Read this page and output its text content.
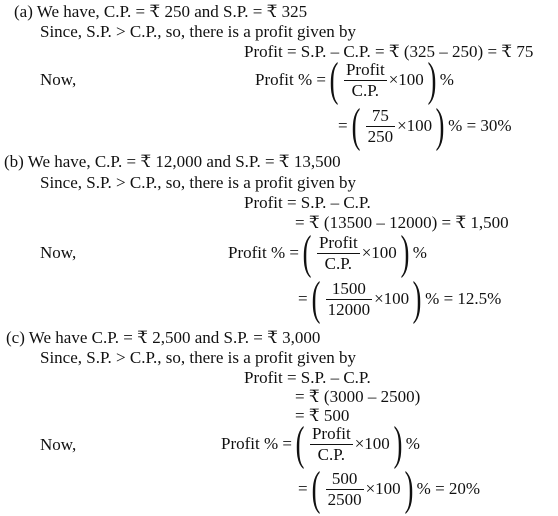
(a) We have, C.P. = ₹ 250 and S.P. = ₹ 325
Since, S.P. > C.P., so, there is a profit given by
Profit = S.P. – C.P. = ₹ (325 – 250) = ₹ 75
Now,	Profit % = ( $\frac{\text{Profit}}{C.P.} \times 100$ ) %
= ( $\frac{75}{250} \times 100$ ) % = 30%
(b) We have, C.P. = ₹ 12,000 and S.P. = ₹ 13,500
Since, S.P. > C.P., so, there is a profit given by
Profit = S.P. – C.P.
= ₹ (13500 – 12000) = ₹ 1,500
Now,	Profit % = ( $\frac{\text{Profit}}{C.P.} \times 100$ ) %
= ( $\frac{1500}{12000} \times 100$ ) % = 12.5%
(c) We have C.P. = ₹ 2,500 and S.P. = ₹ 3,000
Since, S.P. > C.P., so, there is a profit given by
Profit = S.P. – C.P.
= ₹ (3000 – 2500)
= ₹ 500
Now,	Profit % = ( $\frac{\text{Profit}}{C.P.} \times 100$ ) %
= ( $\frac{500}{2500} \times 100$ ) % = 20%
